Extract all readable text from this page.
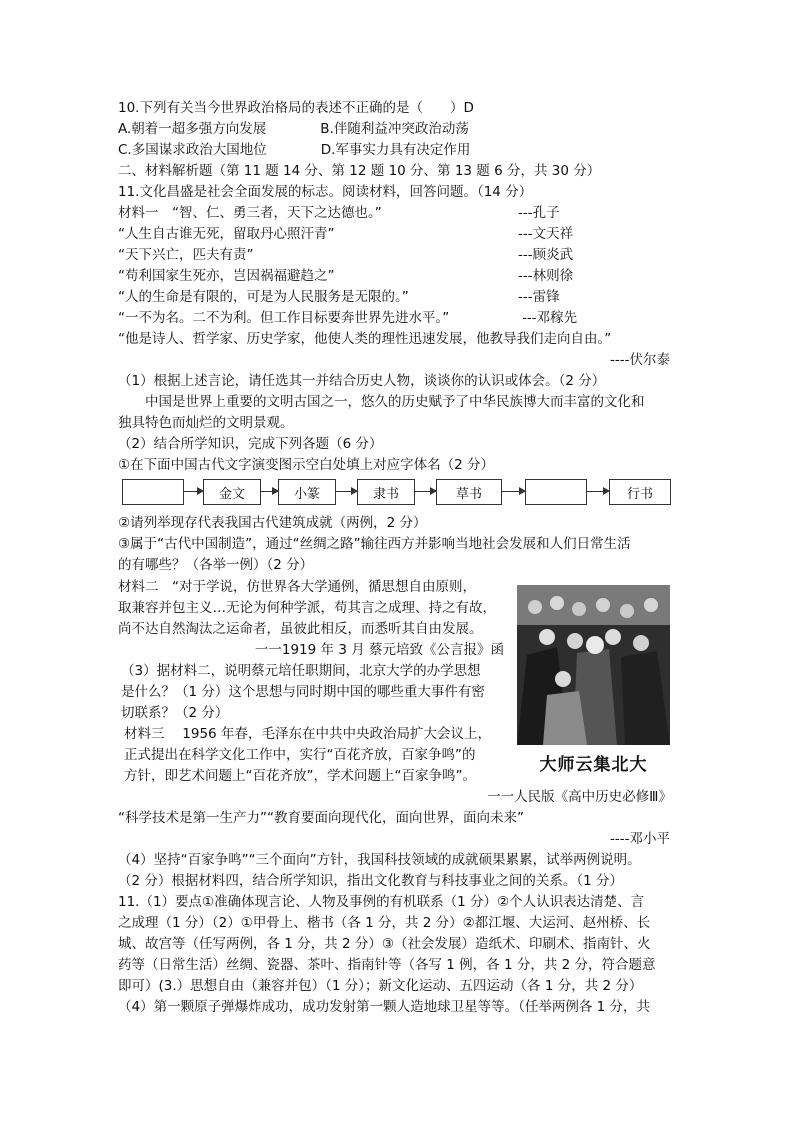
10.下列有关当今世界政治格局的表述不正确的是（　　）D
A.朝着一超多强方向发展　　　　B.伴随利益冲突政治动荡
C.多国谋求政治大国地位　　　　D.军事实力具有决定作用
二、材料解析题（第 11 题 14 分、第 12 题 10 分、第 13 题 6 分，共 30 分）
11.文化昌盛是社会全面发展的标志。阅读材料，回答问题。（14 分）
材料一　“智、仁、勇三者，天下之达德也。”	---孔子
“人生自古谁无死，留取丹心照汗青”	---文天祥
“天下兴亡，匹夫有责”	---顾炎武
“苟利国家生死亦，岂因祸福避趋之”	---林则徐
“人的生命是有限的，可是为人民服务是无限的。”	---雷锋
“一不为名。二不为利。但工作目标要奔世界先进水平。”	---邓稼先
“他是诗人、哲学家、历史学家，他使人类的理性迅速发展，他教导我们走向自由。”
----伏尔泰
（1）根据上述言论，请任选其一并结合历史人物，谈谈你的认识或体会。（2 分）
　　中国是世界上重要的文明古国之一，悠久的历史赋予了中华民族博大而丰富的文化和
独具特色而灿烂的文明景观。
（2）结合所学知识，完成下列各题（6 分）
①在下面中国古代文字演变图示空白处填上对应字体名（2 分）
金文	小篆	隶书	草书	行书
②请列举现存代表我国古代建筑成就（两例，2 分）
③属于“古代中国制造”，通过“丝绸之路”输往西方并影响当地社会发展和人们日常生活
的有哪些？（各举一例）（2 分）
材料二　“对于学说，仿世界各大学通例，循思想自由原则，
取兼容并包主义…无论为何种学派，苟其言之成理、持之有故，
尚不达自然淘汰之运命者，虽彼此相反，而悉听其自由发展。
一一1919 年 3 月 蔡元培致《公言报》函
（3）据材料二，说明蔡元培任职期间，北京大学的办学思想
是什么？（1 分）这个思想与同时期中国的哪些重大事件有密
切联系？（2 分）
材料三　 1956 年春，毛泽东在中共中央政治局扩大会议上，
正式提出在科学文化工作中，实行“百花齐放，百家争鸣”的
方针，即艺术问题上“百花齐放”，学术问题上“百家争鸣”。
一一人民版《高中历史必修Ⅲ》
大师云集北大
“科学技术是第一生产力”“教育要面向现代化，面向世界，面向未来”
----邓小平
（4）坚持“百家争鸣”“三个面向”方针，我国科技领域的成就硕果累累，试举两例说明。
（2 分）根据材料四，结合所学知识，指出文化教育与科技事业之间的关系。（1 分）
11.（1）要点①准确体现言论、人物及事例的有机联系（1 分）②个人认识表达清楚、言
之成理（1 分）（2）①甲骨上、楷书（各 1 分，共 2 分）②都江堰、大运河、赵州桥、长
城、故宫等（任写两例，各 1 分，共 2 分）③（社会发展）造纸术、印刷术、指南针、火
药等（日常生活）丝绸、瓷器、茶叶、指南针等（各写 1 例，各 1 分，共 2 分，符合题意
即可）(3.）思想自由（兼容并包）（1 分）；新文化运动、五四运动（各 1 分，共 2 分）
（4）第一颗原子弹爆炸成功，成功发射第一颗人造地球卫星等等。（任举两例各 1 分，共
